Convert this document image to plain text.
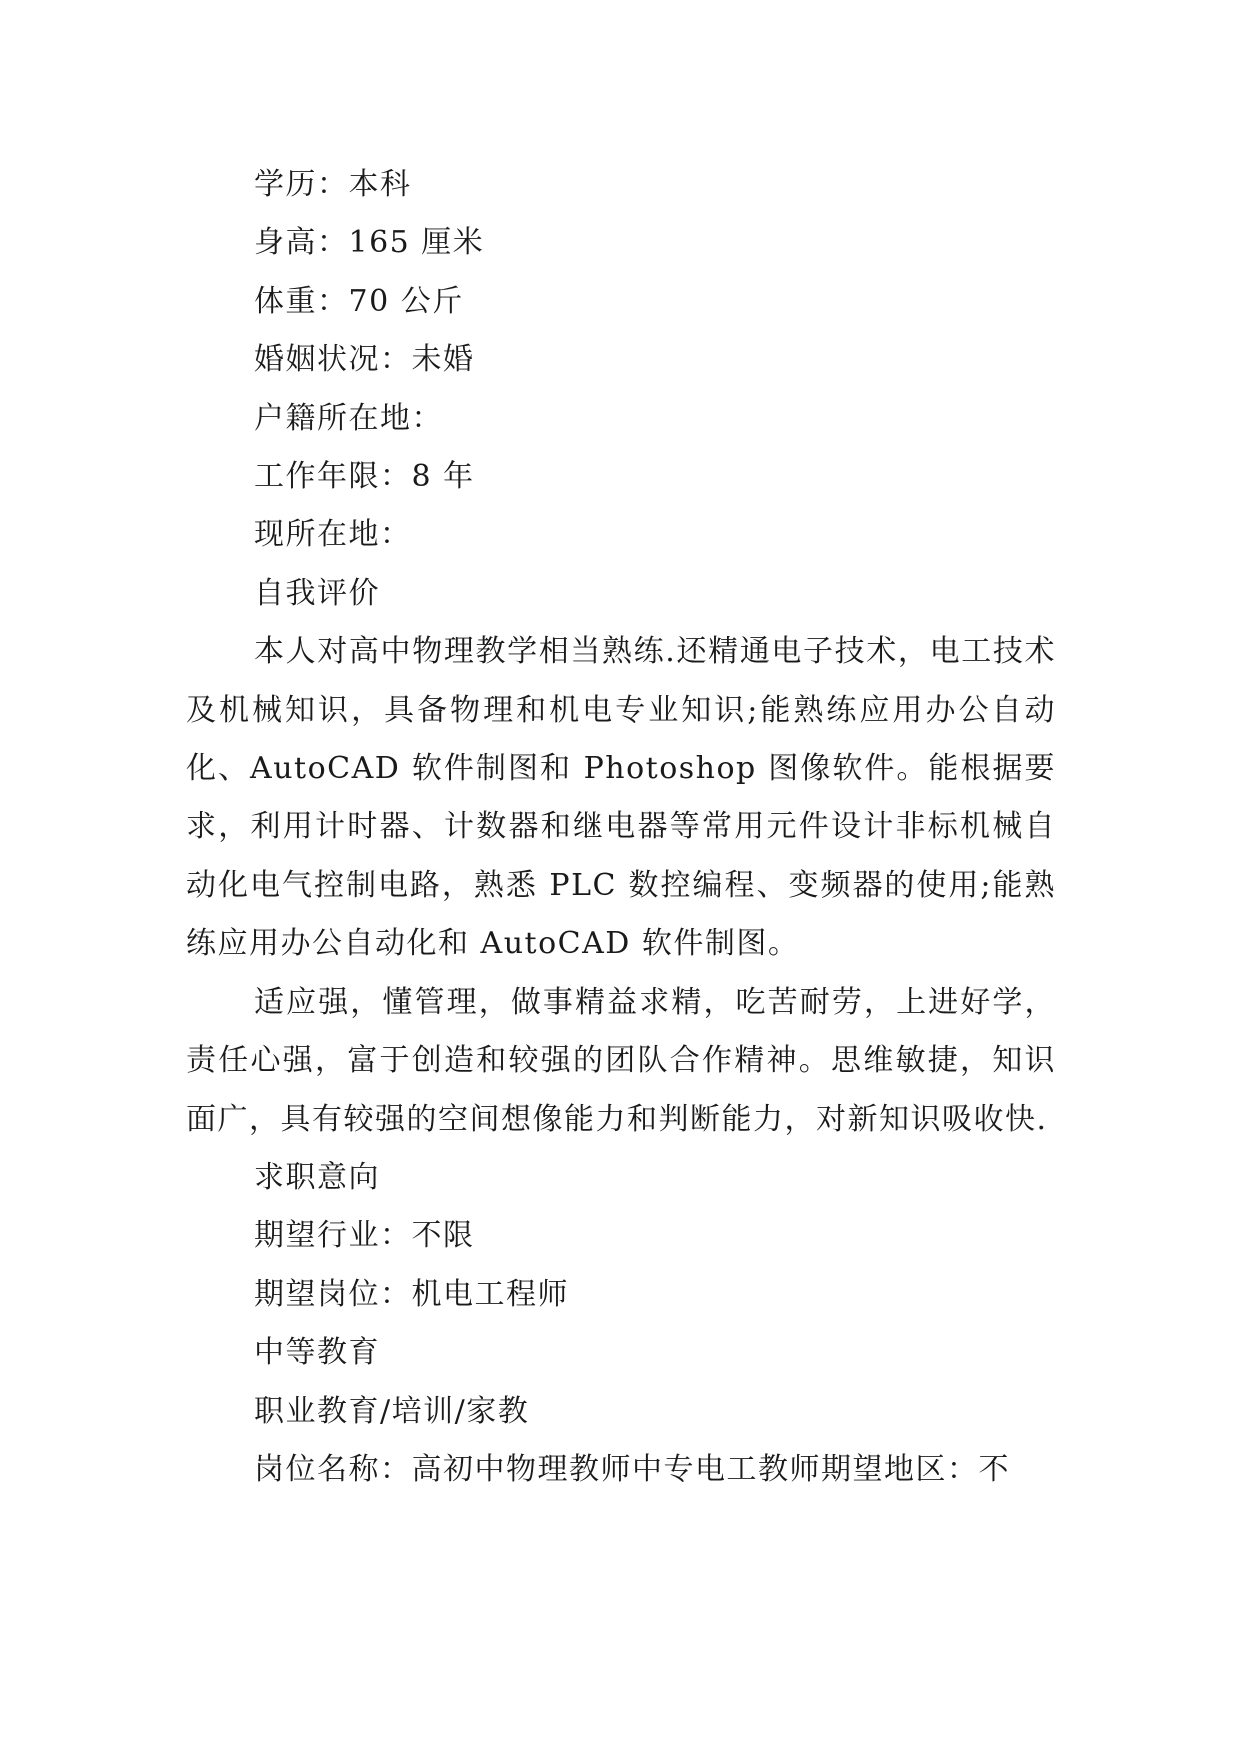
学历：本科
身高：165 厘米
体重：70 公斤
婚姻状况：未婚
户籍所在地：
工作年限：8 年
现所在地：
自我评价
本人对高中物理教学相当熟练.还精通电子技术，电工技术及机械知识，具备物理和机电专业知识;能熟练应用办公自动化、AutoCAD 软件制图和 Photoshop 图像软件。能根据要求，利用计时器、计数器和继电器等常用元件设计非标机械自动化电气控制电路，熟悉 PLC 数控编程、变频器的使用;能熟练应用办公自动化和 AutoCAD 软件制图。
适应强，懂管理，做事精益求精，吃苦耐劳，上进好学，责任心强，富于创造和较强的团队合作精神。思维敏捷，知识面广，具有较强的空间想像能力和判断能力，对新知识吸收快.
求职意向
期望行业：不限
期望岗位：机电工程师
中等教育
职业教育/培训/家教
岗位名称：高初中物理教师中专电工教师期望地区：不
